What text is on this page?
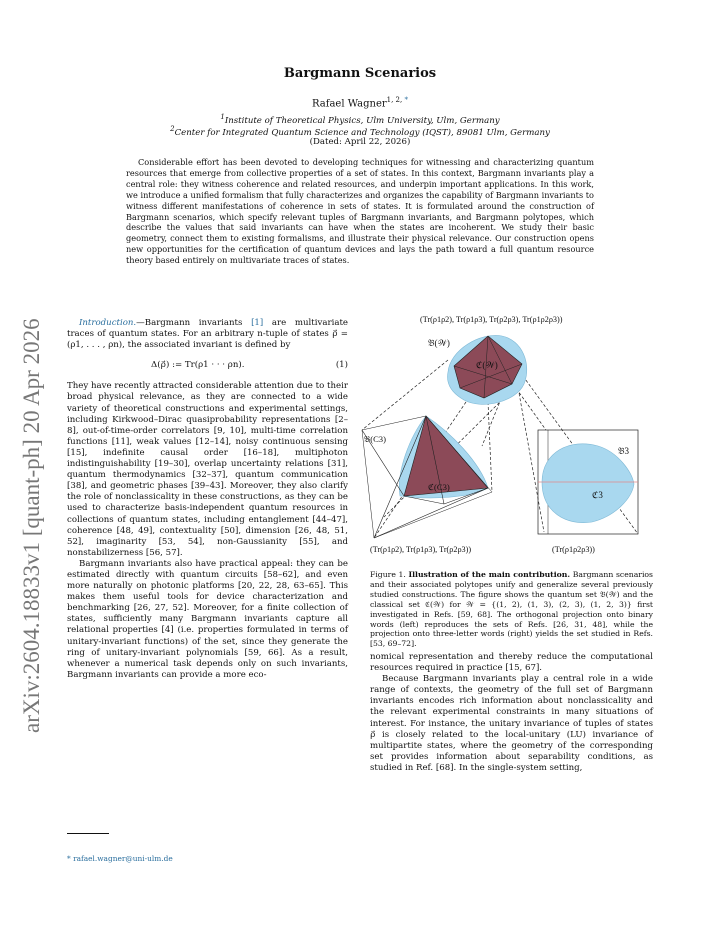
arXiv:2604.18833v1 [quant-ph] 20 Apr 2026
Bargmann Scenarios
Rafael Wagner$^{1, 2,}$ *
$^1$Institute of Theoretical Physics, Ulm University, Ulm, Germany
$^2$Center for Integrated Quantum Science and Technology (IQST), 89081 Ulm, Germany
(Dated: April 22, 2026)
Considerable effort has been devoted to developing techniques for witnessing and characterizing quantum resources that emerge from collective properties of a set of states. In this context, Bargmann invariants play a central role: they witness coherence and related resources, and underpin important applications. In this work, we introduce a unified formalism that fully characterizes and organizes the capability of Bargmann invariants to witness different manifestations of coherence in sets of states. It is formulated around the construction of Bargmann scenarios, which specify relevant tuples of Bargmann invariants, and Bargmann polytopes, which describe the values that said invariants can have when the states are incoherent. We study their basic geometry, connect them to existing formalisms, and illustrate their physical relevance. Our construction opens new opportunities for the certification of quantum devices and lays the path toward a full quantum resource theory based entirely on multivariate traces of states.

Introduction.—Bargmann invariants [1] are multivariate traces of quantum states. For an arbitrary n-tuple of states ρ⃗ = (ρ1, . . . , ρn), the associated invariant is defined by

Δ(ρ⃗) := Tr(ρ1 · · · ρn).	(1)

They have recently attracted considerable attention due to their broad physical relevance, as they are connected to a wide variety of theoretical constructions and experimental settings, including Kirkwood–Dirac quasiprobability representations [2–8], out-of-time-order correlators [9, 10], multi-time correlation functions [11], weak values [12–14], noisy continuous sensing [15], indefinite causal order [16–18], multiphoton indistinguishability [19–30], overlap uncertainty relations [31], quantum thermodynamics [32–37], quantum communication [38], and geometric phases [39–43]. Moreover, they also clarify the role of nonclassicality in these constructions, as they can be used to characterize basis-independent quantum resources in collections of quantum states, including entanglement [44–47], coherence [48, 49], contextuality [50], dimension [26, 48, 51, 52], imaginarity [53, 54], non-Gaussianity [55], and nonstabilizerness [56, 57].

Bargmann invariants also have practical appeal: they can be estimated directly with quantum circuits [58–62], and even more naturally on photonic platforms [20, 22, 28, 63–65]. This makes them useful tools for device characterization and benchmarking [26, 27, 52]. Moreover, for a finite collection of states, sufficiently many Bargmann invariants capture all relational properties [4] (i.e. properties formulated in terms of unitary-invariant functions) of the set, since they generate the ring of unitary-invariant polynomials [59, 66]. As a result, whenever a numerical task depends only on such invariants, Bargmann invariants can provide a more eco-

(Tr(ρ1ρ2), Tr(ρ1ρ3), Tr(ρ2ρ3), Tr(ρ1ρ2ρ3))
𝔅(𝒲)
ℭ(𝒲)
𝔅(C3)
ℭ(C3)
𝔅3
ℭ3
(Tr(ρ1ρ2), Tr(ρ1ρ3), Tr(ρ2ρ3))	(Tr(ρ1ρ2ρ3))
Figure 1. Illustration of the main contribution. Bargmann scenarios and their associated polytopes unify and generalize several previously studied constructions. The figure shows the quantum set 𝔅(𝒲) and the classical set ℭ(𝒲) for 𝒲 = {(1, 2), (1, 3), (2, 3), (1, 2, 3)} first investigated in Refs. [59, 68]. The orthogonal projection onto binary words (left) reproduces the sets of Refs. [26, 31, 48], while the projection onto three-letter words (right) yields the set studied in Refs. [53, 69–72].

nomical representation and thereby reduce the computational resources required in practice [15, 67].

Because Bargmann invariants play a central role in a wide range of contexts, the geometry of the full set of Bargmann invariants encodes rich information about nonclassicality and the relevant experimental constraints in many situations of interest. For instance, the unitary invariance of tuples of states ρ⃗ is closely related to the local-unitary (LU) invariance of multipartite states, where the geometry of the corresponding set provides information about separability conditions, as studied in Ref. [68]. In the single-system setting,

* rafael.wagner@uni-ulm.de
